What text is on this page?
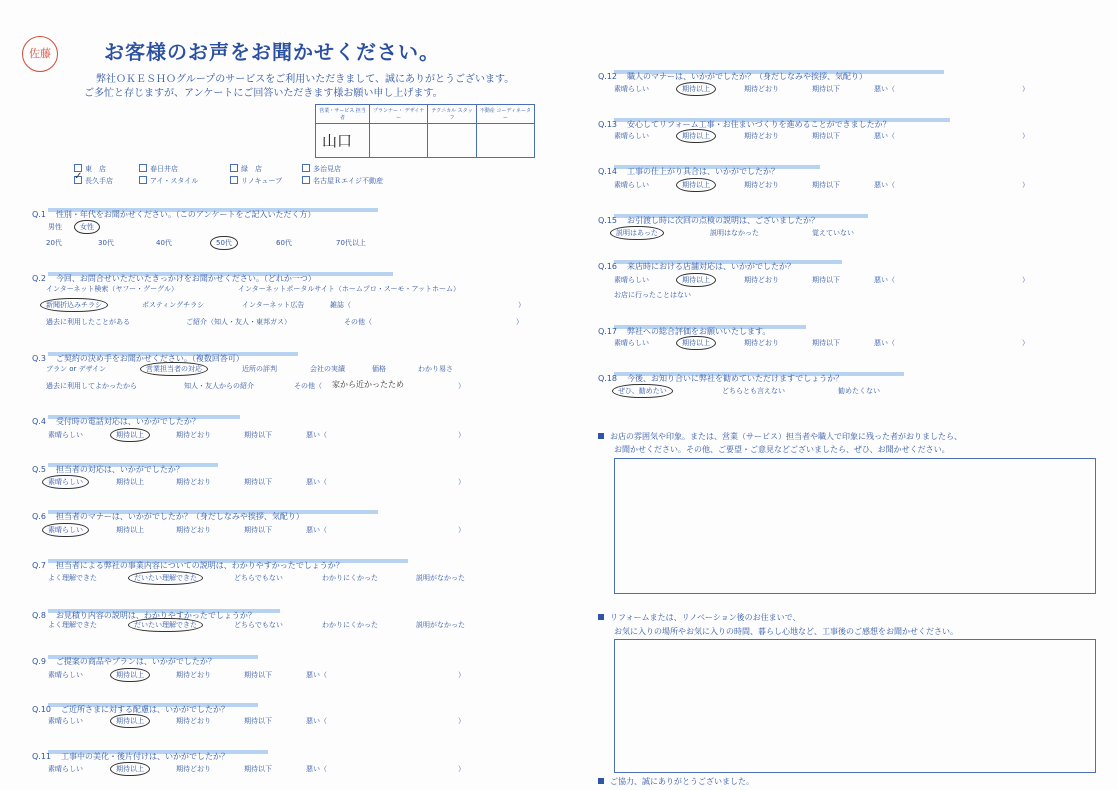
佐藤	お客様のお声をお聞かせください。
弊社ＯＫＥＳＨＯグループのサービスをご利用いただきまして、誠にありがとうございます。
ご多忙と存じますが、アンケートにご回答いただきます様お願い申し上げます。
営業・サービス 担当者	プランナー・ デザイナー	テクニカル スタッフ	不動産 コーディネーター
山口			
東　店	春日井店	緑　店	多治見店
✓長久手店	アイ・スタイル	リノキューブ	名古屋Ｒエイジ不動産
Q.1 性別・年代をお聞かせください。（このアンケートをご記入いただく方）
男性	女性
20代	30代	40代	50代	60代	70代以上
Q.2 今回、お問合せいただいたきっかけをお聞かせください。（どれか一つ）
インターネット検索（ヤフー・グーグル）	インターネットポータルサイト（ホームプロ・スーモ・アットホーム）
新聞折込みチラシ	ポスティングチラシ	インターネット広告	雑誌（	）
過去に利用したことがある	ご紹介（知人・友人・東邦ガス）	その他（	）
Q.3 ご契約の決め手をお聞かせください。（複数回答可）
プラン or デザイン	営業担当者の対応	近所の評判	会社の実績	価格	わかり易さ
過去に利用してよかったから	知人・友人からの紹介	その他（ 家から近かったため	）
Q.4 受付時の電話対応は、いかがでしたか？
素晴らしい	期待以上	期待どおり	期待以下	悪い（	）
Q.5 担当者の対応は、いかがでしたか？
素晴らしい	期待以上	期待どおり	期待以下	悪い（	）
Q.6 担当者のマナーは、いかがでしたか？（身だしなみや挨拶、気配り）
素晴らしい	期待以上	期待どおり	期待以下	悪い（	）
Q.7 担当者による弊社の事業内容についての説明は、わかりやすかったでしょうか？
よく理解できた	だいたい理解できた	どちらでもない	わかりにくかった	説明がなかった
Q.8 お見積り内容の説明は、わかりやすかったでしょうか？
よく理解できた	だいたい理解できた	どちらでもない	わかりにくかった	説明がなかった
Q.9 ご提案の商品やプランは、いかがでしたか？
素晴らしい	期待以上	期待どおり	期待以下	悪い（	）
Q.10 ご近所さまに対する配慮は、いかがでしたか？
素晴らしい	期待以上	期待どおり	期待以下	悪い（	）
Q.11 工事中の美化・後片付けは、いかがでしたか？
素晴らしい	期待以上	期待どおり	期待以下	悪い（	）
Q.12 職人のマナーは、いかがでしたか？（身だしなみや挨拶、気配り）
素晴らしい	期待以上	期待どおり	期待以下	悪い（	）
Q.13 安心してリフォーム工事・お住まいづくりを進めることができましたか？
素晴らしい	期待以上	期待どおり	期待以下	悪い（	）
Q.14 工事の仕上がり具合は、いかがでしたか？
素晴らしい	期待以上	期待どおり	期待以下	悪い（	）
Q.15 お引渡し時に次回の点検の説明は、ございましたか？
説明はあった	説明はなかった	覚えていない
Q.16 来店時における店舗対応は、いかがでしたか？
素晴らしい	期待以上	期待どおり	期待以下	悪い（	）
お店に行ったことはない
Q.17 弊社への総合評価をお願いいたします。
素晴らしい	期待以上	期待どおり	期待以下	悪い（	）
Q.18 今後、お知り合いに弊社を勧めていただけますでしょうか？
ぜひ、勧めたい	どちらとも言えない	勧めたくない
お店の雰囲気や印象。または、営業（サービス）担当者や職人で印象に残った者がおりましたら、
お聞かせください。その他、ご要望・ご意見などございましたら、ぜひ、お聞かせください。
リフォームまたは、リノベーション後のお住まいで、
お気に入りの場所やお気に入りの時間、暮らし心地など、工事後のご感想をお聞かせください。
ご協力、誠にありがとうございました。
